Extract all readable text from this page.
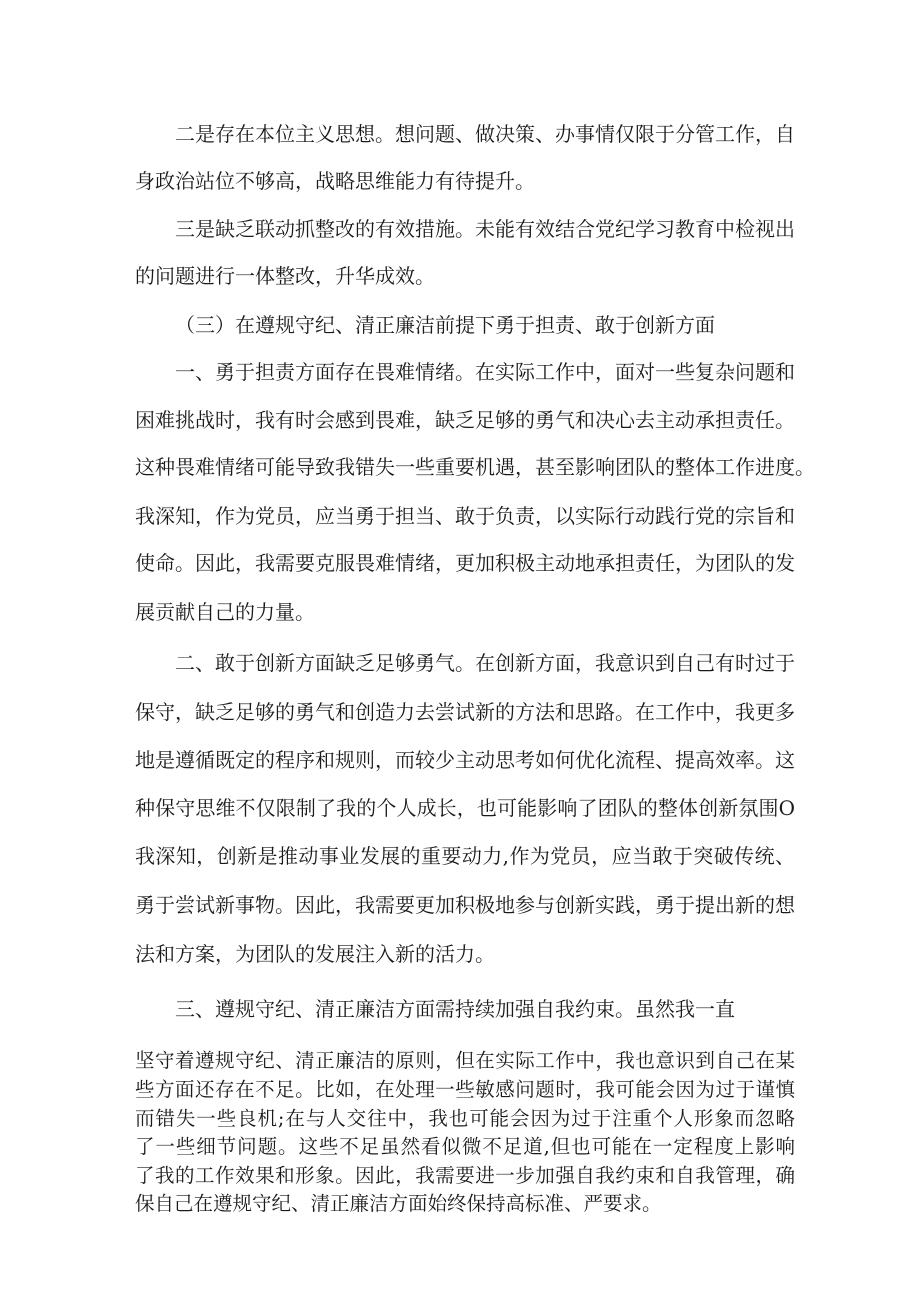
二是存在本位主义思想。想问题、做决策、办事情仅限于分管工作，自
身政治站位不够高，战略思维能力有待提升。
三是缺乏联动抓整改的有效措施。未能有效结合党纪学习教育中检视出
的问题进行一体整改，升华成效。
（三）在遵规守纪、清正廉洁前提下勇于担责、敢于创新方面
一、勇于担责方面存在畏难情绪。在实际工作中，面对一些复杂问题和
困难挑战时，我有时会感到畏难，缺乏足够的勇气和决心去主动承担责任。
这种畏难情绪可能导致我错失一些重要机遇，甚至影响团队的整体工作进度。
我深知，作为党员，应当勇于担当、敢于负责，以实际行动践行党的宗旨和
使命。因此，我需要克服畏难情绪，更加积极主动地承担责任，为团队的发
展贡献自己的力量。
二、敢于创新方面缺乏足够勇气。在创新方面，我意识到自己有时过于
保守，缺乏足够的勇气和创造力去尝试新的方法和思路。在工作中，我更多
地是遵循既定的程序和规则，而较少主动思考如何优化流程、提高效率。这
种保守思维不仅限制了我的个人成长，也可能影响了团队的整体创新氛围O
我深知，创新是推动事业发展的重要动力,作为党员，应当敢于突破传统、
勇于尝试新事物。因此，我需要更加积极地参与创新实践，勇于提出新的想
法和方案，为团队的发展注入新的活力。
三、遵规守纪、清正廉洁方面需持续加强自我约束。虽然我一直
坚守着遵规守纪、清正廉洁的原则，但在实际工作中，我也意识到自己在某
些方面还存在不足。比如，在处理一些敏感问题时，我可能会因为过于谨慎
而错失一些良机;在与人交往中，我也可能会因为过于注重个人形象而忽略
了一些细节问题。这些不足虽然看似微不足道,但也可能在一定程度上影响
了我的工作效果和形象。因此，我需要进一步加强自我约束和自我管理，确
保自己在遵规守纪、清正廉洁方面始终保持高标准、严要求。
